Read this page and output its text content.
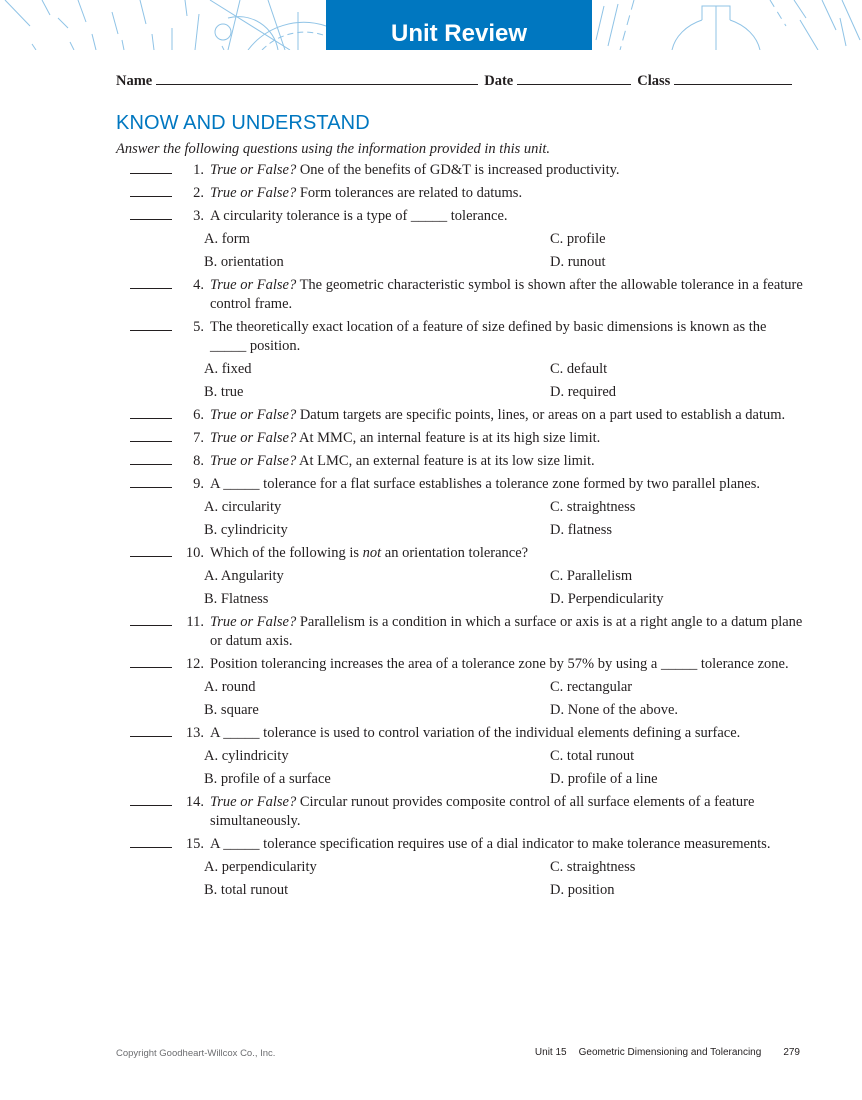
Unit Review
Name	Date	Class
KNOW AND UNDERSTAND
Answer the following questions using the information provided in this unit.
1. True or False? One of the benefits of GD&T is increased productivity.
2. True or False? Form tolerances are related to datums.
3. A circularity tolerance is a type of _____ tolerance.
A. form	C. profile
B. orientation	D. runout
4. True or False? The geometric characteristic symbol is shown after the allowable tolerance in a feature control frame.
5. The theoretically exact location of a feature of size defined by basic dimensions is known as the _____ position.
A. fixed	C. default
B. true	D. required
6. True or False? Datum targets are specific points, lines, or areas on a part used to establish a datum.
7. True or False? At MMC, an internal feature is at its high size limit.
8. True or False? At LMC, an external feature is at its low size limit.
9. A _____ tolerance for a flat surface establishes a tolerance zone formed by two parallel planes.
A. circularity	C. straightness
B. cylindricity	D. flatness
10. Which of the following is not an orientation tolerance?
A. Angularity	C. Parallelism
B. Flatness	D. Perpendicularity
11. True or False? Parallelism is a condition in which a surface or axis is at a right angle to a datum plane or datum axis.
12. Position tolerancing increases the area of a tolerance zone by 57% by using a _____ tolerance zone.
A. round	C. rectangular
B. square	D. None of the above.
13. A _____ tolerance is used to control variation of the individual elements defining a surface.
A. cylindricity	C. total runout
B. profile of a surface	D. profile of a line
14. True or False? Circular runout provides composite control of all surface elements of a feature simultaneously.
15. A _____ tolerance specification requires use of a dial indicator to make tolerance measurements.
A. perpendicularity	C. straightness
B. total runout	D. position
Copyright Goodheart-Willcox Co., Inc.	Unit 15 Geometric Dimensioning and Tolerancing 279
